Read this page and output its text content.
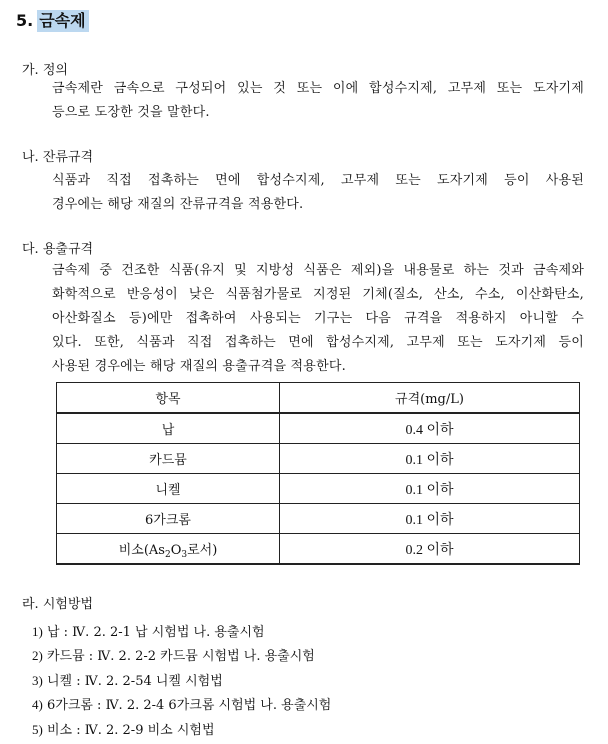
5. 금속제
가. 정의
금속제란 금속으로 구성되어 있는 것 또는 이에 합성수지제, 고무제 또는 도자기제
등으로 도장한 것을 말한다.
나. 잔류규격
식품과 직접 접촉하는 면에 합성수지제, 고무제 또는 도자기제 등이 사용된
경우에는 해당 재질의 잔류규격을 적용한다.
다. 용출규격
금속제 중 건조한 식품(유지 및 지방성 식품은 제외)을 내용물로 하는 것과 금속제와
화학적으로 반응성이 낮은 식품첨가물로 지정된 기체(질소, 산소, 수소, 이산화탄소,
아산화질소 등)에만 접촉하여 사용되는 기구는 다음 규격을 적용하지 아니할 수
있다. 또한, 식품과 직접 접촉하는 면에 합성수지제, 고무제 또는 도자기제 등이
사용된 경우에는 해당 재질의 용출규격을 적용한다.
항목	규격(mg/L)
납	0.4 이하
카드뮴	0.1 이하
니켈	0.1 이하
6가크롬	0.1 이하
비소($As_2O_3$로서)	0.2 이하
라. 시험방법
1) 납 : Ⅳ. 2. 2-1 납 시험법 나. 용출시험
2) 카드뮴 : Ⅳ. 2. 2-2 카드뮴 시험법 나. 용출시험
3) 니켈 : Ⅳ. 2. 2-54 니켈 시험법
4) 6가크롬 : Ⅳ. 2. 2-4 6가크롬 시험법 나. 용출시험
5) 비소 : Ⅳ. 2. 2-9 비소 시험법
